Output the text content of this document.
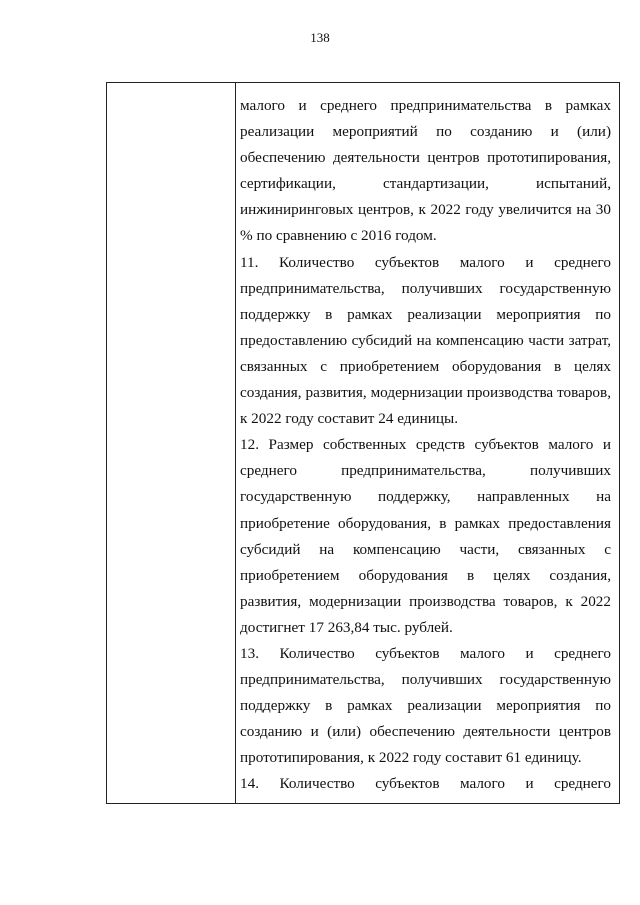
138
малого и среднего предпринимательства в рамках
реализации мероприятий по созданию и (или)
обеспечению деятельности центров прототипирования,
сертификации, стандартизации, испытаний,
инжиниринговых центров, к 2022 году увеличится на 30
% по сравнению с 2016 годом.
11. Количество субъектов малого и среднего
предпринимательства, получивших государственную
поддержку в рамках реализации мероприятия по
предоставлению субсидий на компенсацию части затрат,
связанных с приобретением оборудования в целях
создания, развития, модернизации производства товаров,
к 2022 году составит 24 единицы.
12. Размер собственных средств субъектов малого и
среднего предпринимательства, получивших
государственную поддержку, направленных на
приобретение оборудования, в рамках предоставления
субсидий на компенсацию части, связанных с
приобретением оборудования в целях создания,
развития, модернизации производства товаров, к 2022
достигнет 17 263,84 тыс. рублей.
13. Количество субъектов малого и среднего
предпринимательства, получивших государственную
поддержку в рамках реализации мероприятия по
созданию и (или) обеспечению деятельности центров
прототипирования, к 2022 году составит 61 единицу.
14. Количество субъектов малого и среднего
